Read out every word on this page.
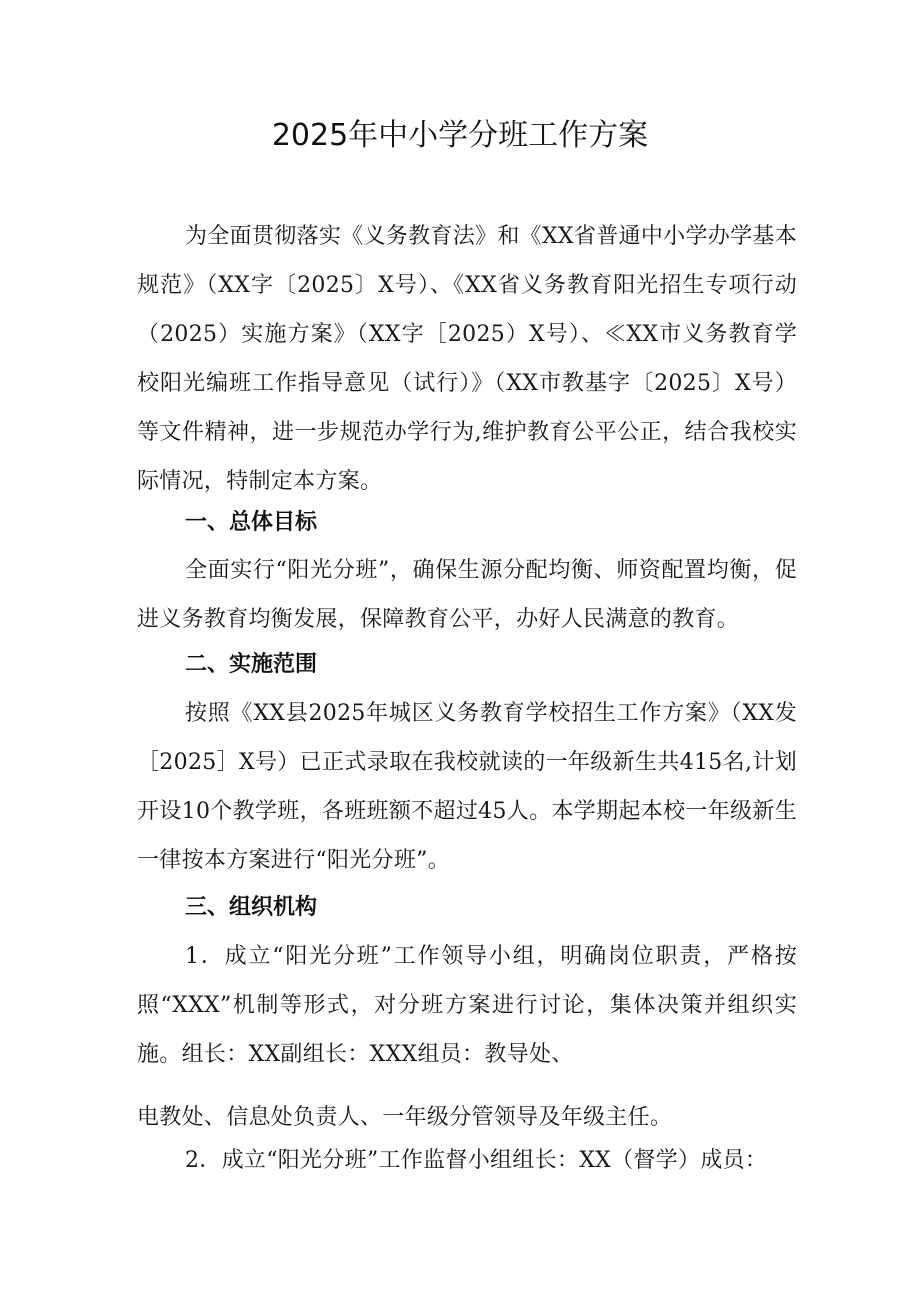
2025年中小学分班工作方案
为全面贯彻落实《义务教育法》和《XX省普通中小学办学基本规范》（XX字〔2025〕X号）、《XX省义务教育阳光招生专项行动（2025）实施方案》（XX字［2025）X号）、≪XX市义务教育学校阳光编班工作指导意见（试行）》（XX市教基字〔2025〕X号）等文件精神，进一步规范办学行为,维护教育公平公正，结合我校实际情况，特制定本方案。
一、总体目标
全面实行“阳光分班”，确保生源分配均衡、师资配置均衡，促进义务教育均衡发展，保障教育公平，办好人民满意的教育。
二、实施范围
按照《XX县2025年城区义务教育学校招生工作方案》（XX发［2025］X号）已正式录取在我校就读的一年级新生共415名,计划开设10个教学班，各班班额不超过45人。本学期起本校一年级新生一律按本方案进行“阳光分班”。
三、组织机构
1．成立“阳光分班”工作领导小组，明确岗位职责，严格按照“XXX”机制等形式，对分班方案进行讨论，集体决策并组织实施。组长：XX副组长：XXX组员：教导处、
电教处、信息处负责人、一年级分管领导及年级主任。
2．成立“阳光分班”工作监督小组组长：XX（督学）成员：
